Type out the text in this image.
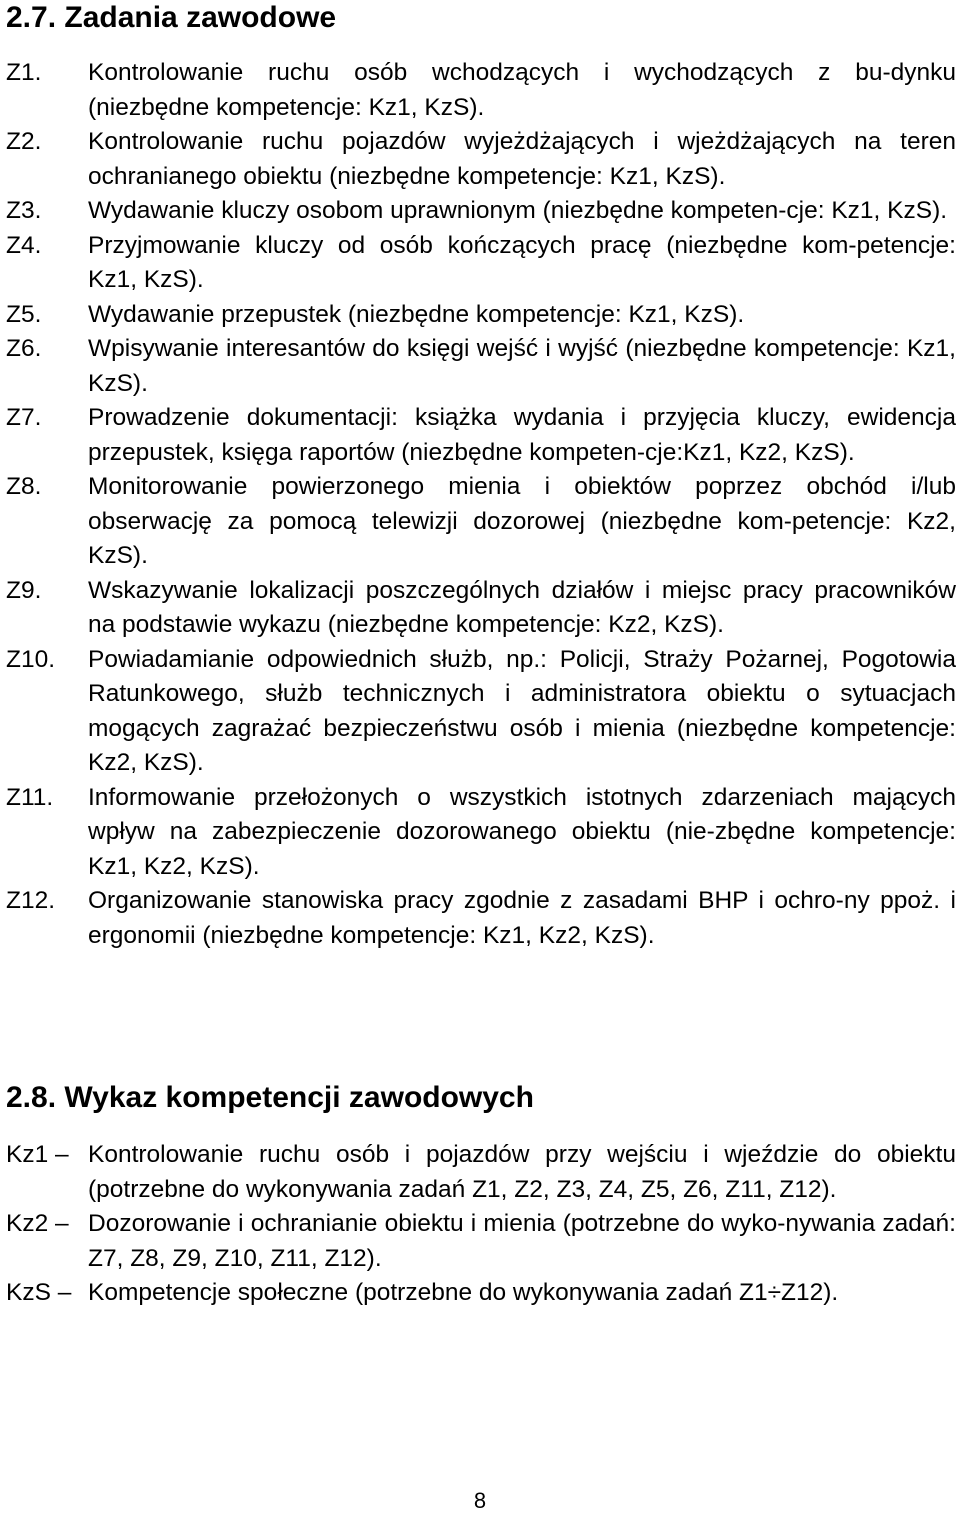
2.7. Zadania zawodowe
Z1.	Kontrolowanie ruchu osób wchodzących i wychodzących z bu-dynku (niezbędne kompetencje: Kz1, KzS).
Z2.	Kontrolowanie ruchu pojazdów wyjeżdżających i wjeżdżających na teren ochranianego obiektu (niezbędne kompetencje: Kz1, KzS).
Z3.	Wydawanie kluczy osobom uprawnionym (niezbędne kompeten-cje: Kz1, KzS).
Z4.	Przyjmowanie kluczy od osób kończących pracę (niezbędne kom-petencje: Kz1, KzS).
Z5.	Wydawanie przepustek (niezbędne kompetencje: Kz1, KzS).
Z6.	Wpisywanie interesantów do księgi wejść i wyjść (niezbędne kompetencje: Kz1, KzS).
Z7.	Prowadzenie dokumentacji: książka wydania i przyjęcia kluczy, ewidencja przepustek, księga raportów (niezbędne kompeten-cje:Kz1, Kz2, KzS).
Z8.	Monitorowanie powierzonego mienia i obiektów poprzez obchód i/lub obserwację za pomocą telewizji dozorowej (niezbędne kom-petencje: Kz2, KzS).
Z9.	Wskazywanie lokalizacji poszczególnych działów i miejsc pracy pracowników na podstawie wykazu (niezbędne kompetencje: Kz2, KzS).
Z10.	Powiadamianie odpowiednich służb, np.: Policji, Straży Pożarnej, Pogotowia Ratunkowego, służb technicznych i administratora obiektu o sytuacjach mogących zagrażać bezpieczeństwu osób i mienia (niezbędne kompetencje: Kz2, KzS).
Z11.	Informowanie przełożonych o wszystkich istotnych zdarzeniach mających wpływ na zabezpieczenie dozorowanego obiektu (nie-zbędne kompetencje: Kz1, Kz2, KzS).
Z12.	Organizowanie stanowiska pracy zgodnie z zasadami BHP i ochro-ny ppoż. i ergonomii (niezbędne kompetencje: Kz1, Kz2, KzS).
2.8. Wykaz kompetencji zawodowych
Kz1 – Kontrolowanie ruchu osób i pojazdów przy wejściu i wjeździe do obiektu (potrzebne do wykonywania zadań Z1, Z2, Z3, Z4, Z5, Z6, Z11, Z12).
Kz2 – Dozorowanie i ochranianie obiektu i mienia (potrzebne do wyko-nywania zadań: Z7, Z8, Z9, Z10, Z11, Z12).
KzS – Kompetencje społeczne (potrzebne do wykonywania zadań Z1÷Z12).
8
